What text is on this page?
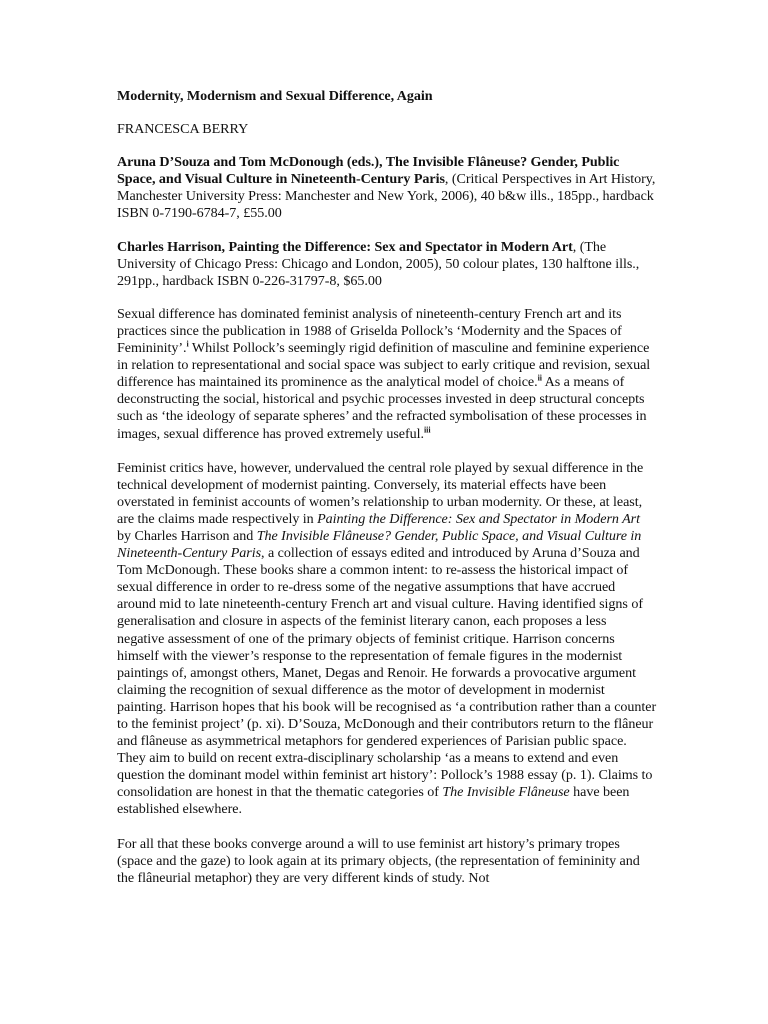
Modernity, Modernism and Sexual Difference, Again
FRANCESCA BERRY
Aruna D’Souza and Tom McDonough (eds.), The Invisible Flâneuse? Gender, Public Space, and Visual Culture in Nineteenth-Century Paris, (Critical Perspectives in Art History, Manchester University Press: Manchester and New York, 2006), 40 b&w ills., 185pp., hardback ISBN 0-7190-6784-7, £55.00
Charles Harrison, Painting the Difference: Sex and Spectator in Modern Art, (The University of Chicago Press: Chicago and London, 2005), 50 colour plates, 130 halftone ills., 291pp., hardback ISBN 0-226-31797-8, $65.00

Sexual difference has dominated feminist analysis of nineteenth-century French art and its practices since the publication in 1988 of Griselda Pollock’s ‘Modernity and the Spaces of Femininity’.$^i$ Whilst Pollock’s seemingly rigid definition of masculine and feminine experience in relation to representational and social space was subject to early critique and revision, sexual difference has maintained its prominence as the analytical model of choice.$^{ii}$ As a means of deconstructing the social, historical and psychic processes invested in deep structural concepts such as ‘the ideology of separate spheres’ and the refracted symbolisation of these processes in images, sexual difference has proved extremely useful.$^{iii}$

Feminist critics have, however, undervalued the central role played by sexual difference in the technical development of modernist painting. Conversely, its material effects have been overstated in feminist accounts of women’s relationship to urban modernity. Or these, at least, are the claims made respectively in Painting the Difference: Sex and Spectator in Modern Art by Charles Harrison and The Invisible Flâneuse? Gender, Public Space, and Visual Culture in Nineteenth-Century Paris, a collection of essays edited and introduced by Aruna d’Souza and Tom McDonough. These books share a common intent: to re-assess the historical impact of sexual difference in order to re-dress some of the negative assumptions that have accrued around mid to late nineteenth-century French art and visual culture. Having identified signs of generalisation and closure in aspects of the feminist literary canon, each proposes a less negative assessment of one of the primary objects of feminist critique. Harrison concerns himself with the viewer’s response to the representation of female figures in the modernist paintings of, amongst others, Manet, Degas and Renoir. He forwards a provocative argument claiming the recognition of sexual difference as the motor of development in modernist painting. Harrison hopes that his book will be recognised as ‘a contribution rather than a counter to the feminist project’ (p. xi). D’Souza, McDonough and their contributors return to the flâneur and flâneuse as asymmetrical metaphors for gendered experiences of Parisian public space. They aim to build on recent extra-disciplinary scholarship ‘as a means to extend and even question the dominant model within feminist art history’: Pollock’s 1988 essay (p. 1). Claims to consolidation are honest in that the thematic categories of The Invisible Flâneuse have been established elsewhere.

For all that these books converge around a will to use feminist art history’s primary tropes (space and the gaze) to look again at its primary objects, (the representation of femininity and the flâneurial metaphor) they are very different kinds of study. Not
